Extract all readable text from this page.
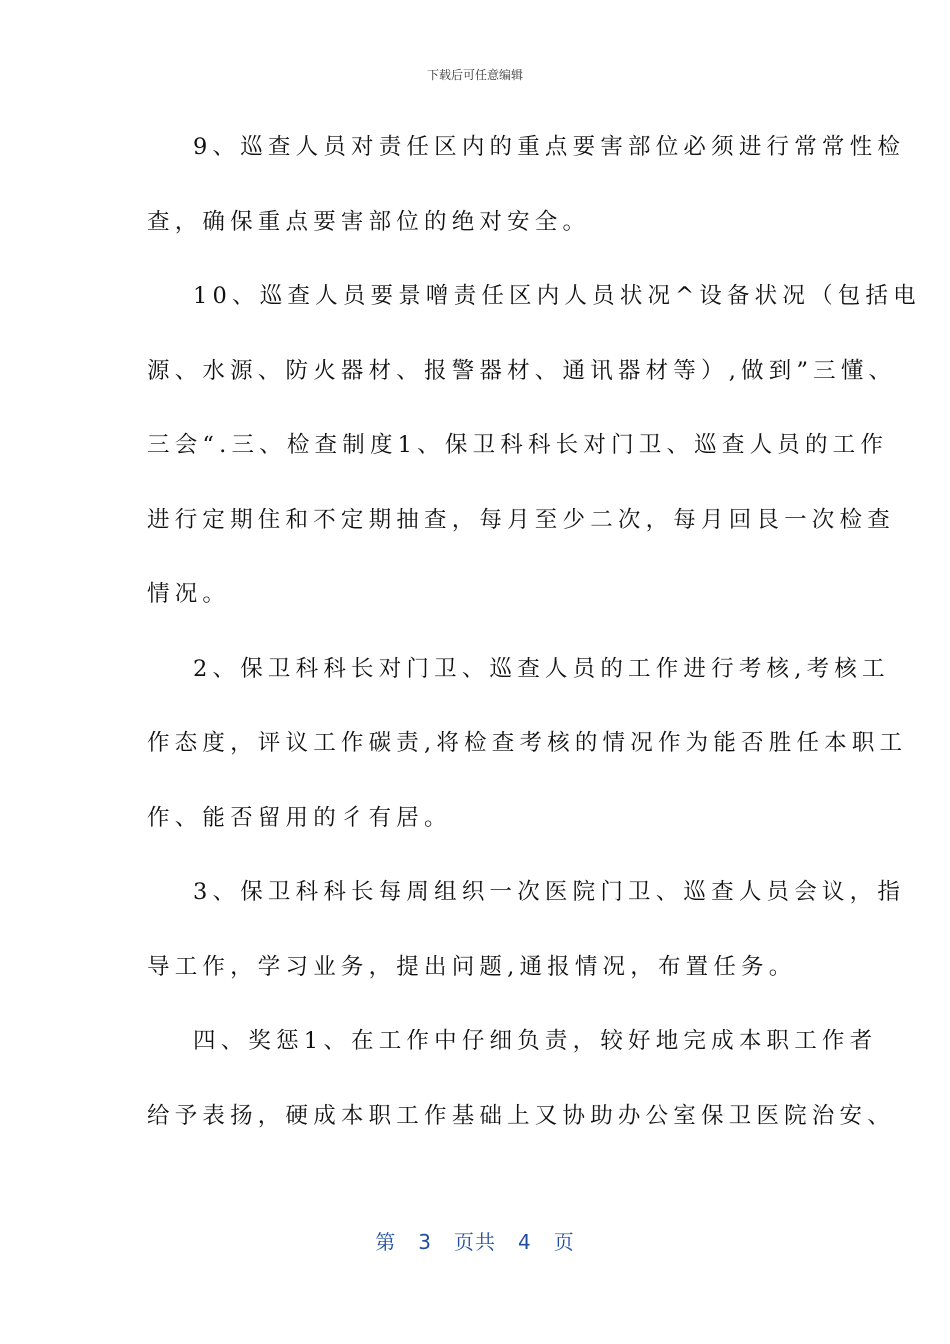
下载后可任意编辑
9、巡查人员对责任区内的重点要害部位必须进行常常性检
查，确保重点要害部位的绝对安全。
10、巡查人员要景噌责任区内人员状况^设备状况（包括电
源、水源、防火器材、报警器材、通讯器材等）,做到”三懂、
三会“.三、检查制度1、保卫科科长对门卫、巡查人员的工作
进行定期住和不定期抽查，每月至少二次，每月回艮一次检查
情况。
2、保卫科科长对门卫、巡查人员的工作进行考核,考核工
作态度，评议工作碳责,将检查考核的情况作为能否胜任本职工
作、能否留用的彳有居。
3、保卫科科长每周组织一次医院门卫、巡查人员会议，指
导工作，学习业务，提出问题,通报情况，布置任务。
四、奖惩1、在工作中仔细负责，较好地完成本职工作者
给予表扬，硬成本职工作基础上又协助办公室保卫医院治安、
第 3 页共 4 页
